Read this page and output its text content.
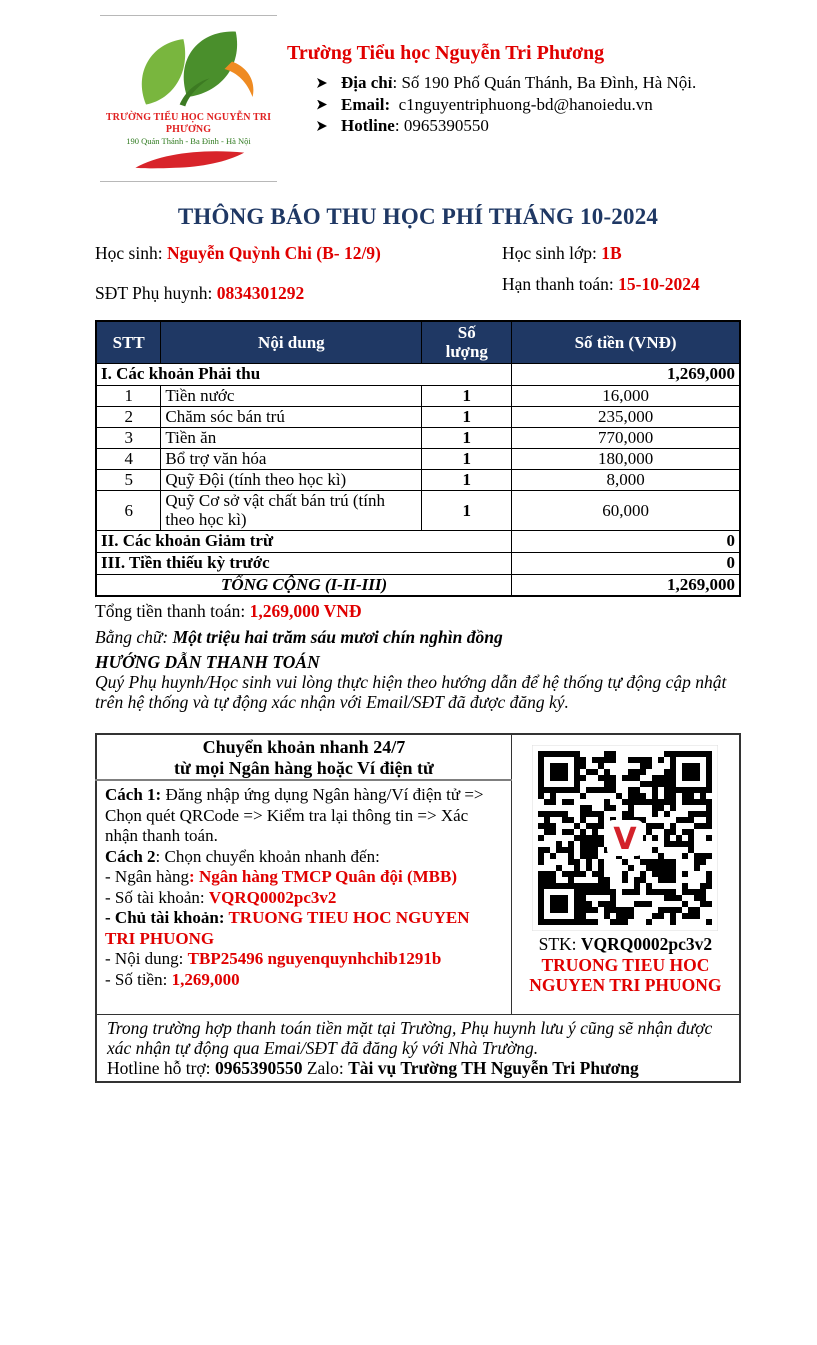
TRƯỜNG TIỂU HỌC NGUYỄN TRI PHƯƠNG
190 Quán Thánh - Ba Đình - Hà Nội
Trường Tiểu học Nguyễn Tri Phương
Địa chỉ : Số 190 Phố Quán Thánh, Ba Đình, Hà Nội.
Email: c1nguyentriphuong-bd@hanoiedu.vn
Hotline : 0965390550
THÔNG BÁO THU HỌC PHÍ THÁNG 10-2024
Học sinh: Nguyễn Quỳnh Chi (B- 12/9)	Học sinh lớp: 1B
SĐT Phụ huynh: 0834301292	Hạn thanh toán: 15-10-2024
STT	Nội dung	Số lượng	Số tiền (VNĐ)
I. Các khoản Phải thu			1,269,000
1	Tiền nước	1	16,000
2	Chăm sóc bán trú	1	235,000
3	Tiền ăn	1	770,000
4	Bổ trợ văn hóa	1	180,000
5	Quỹ Đội (tính theo học kì)	1	8,000
6	Quỹ Cơ sở vật chất bán trú (tính theo học kì)	1	60,000
II. Các khoản Giảm trừ			0
III. Tiền thiếu kỳ trước			0
TỔNG CỘNG (I-II-III)			1,269,000
Tổng tiền thanh toán: 1,269,000 VNĐ
Bằng chữ: Một triệu hai trăm sáu mươi chín nghìn đồng
HƯỚNG DẪN THANH TOÁN
Quý Phụ huynh/Học sinh vui lòng thực hiện theo hướng dẫn để hệ thống tự động cập nhật trên hệ thống và tự động xác nhận với Email/SĐT đã được đăng ký.
Chuyển khoản nhanh 24/7
từ mọi Ngân hàng hoặc Ví điện tử

V
STK: VQRQ0002pc3v2
TRUONG TIEU HOC
NGUYEN TRI PHUONG

Cách 1: Đăng nhập ứng dụng Ngân hàng/Ví điện tử => Chọn quét QRCode => Kiểm tra lại thông tin => Xác nhận thanh toán.
Cách 2: Chọn chuyển khoản nhanh đến:
- Ngân hàng: Ngân hàng TMCP Quân đội (MBB)
- Số tài khoản: VQRQ0002pc3v2
- Chủ tài khoản: TRUONG TIEU HOC NGUYEN TRI PHUONG
- Nội dung: TBP25496 nguyenquynhchib1291b
- Số tiền: 1,269,000

Trong trường hợp thanh toán tiền mặt tại Trường, Phụ huynh lưu ý cũng sẽ nhận được xác nhận tự động qua Emai/SĐT đã đăng ký với Nhà Trường.
Hotline hỗ trợ: 0965390550 Zalo: Tài vụ Trường TH Nguyễn Tri Phương
